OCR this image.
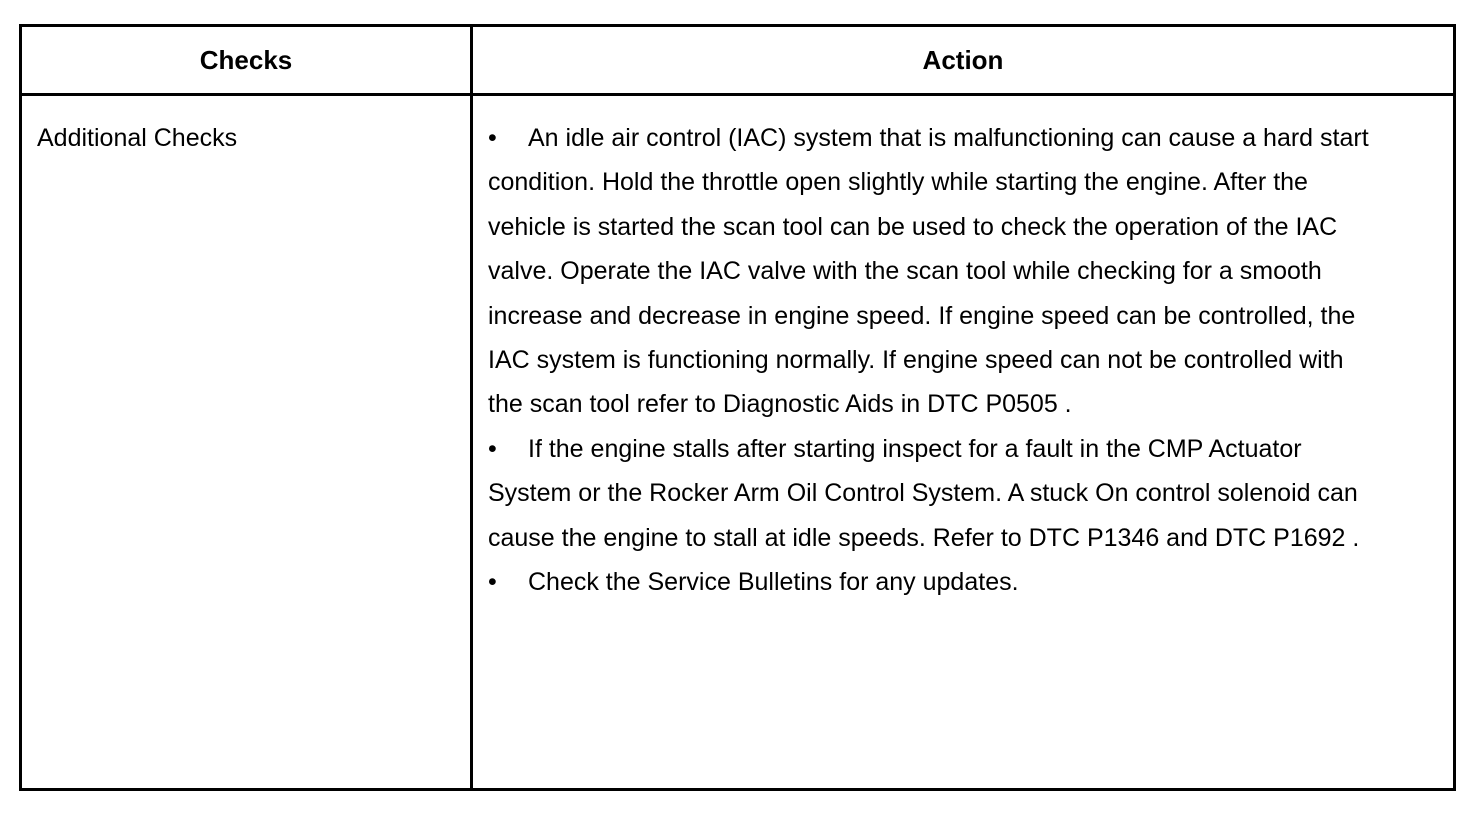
Checks	Action
Additional Checks	• An idle air control (IAC) system that is malfunctioning can cause a hard start condition. Hold the throttle open slightly while starting the engine. After the vehicle is started the scan tool can be used to check the operation of the IAC valve. Operate the IAC valve with the scan tool while checking for a smooth increase and decrease in engine speed. If engine speed can be controlled, the IAC system is functioning normally. If engine speed can not be controlled with the scan tool refer to Diagnostic Aids in DTC P0505 .

• If the engine stalls after starting inspect for a fault in the CMP Actuator System or the Rocker Arm Oil Control System. A stuck On control solenoid can cause the engine to stall at idle speeds. Refer to DTC P1346 and DTC P1692 .

• Check the Service Bulletins for any updates.
